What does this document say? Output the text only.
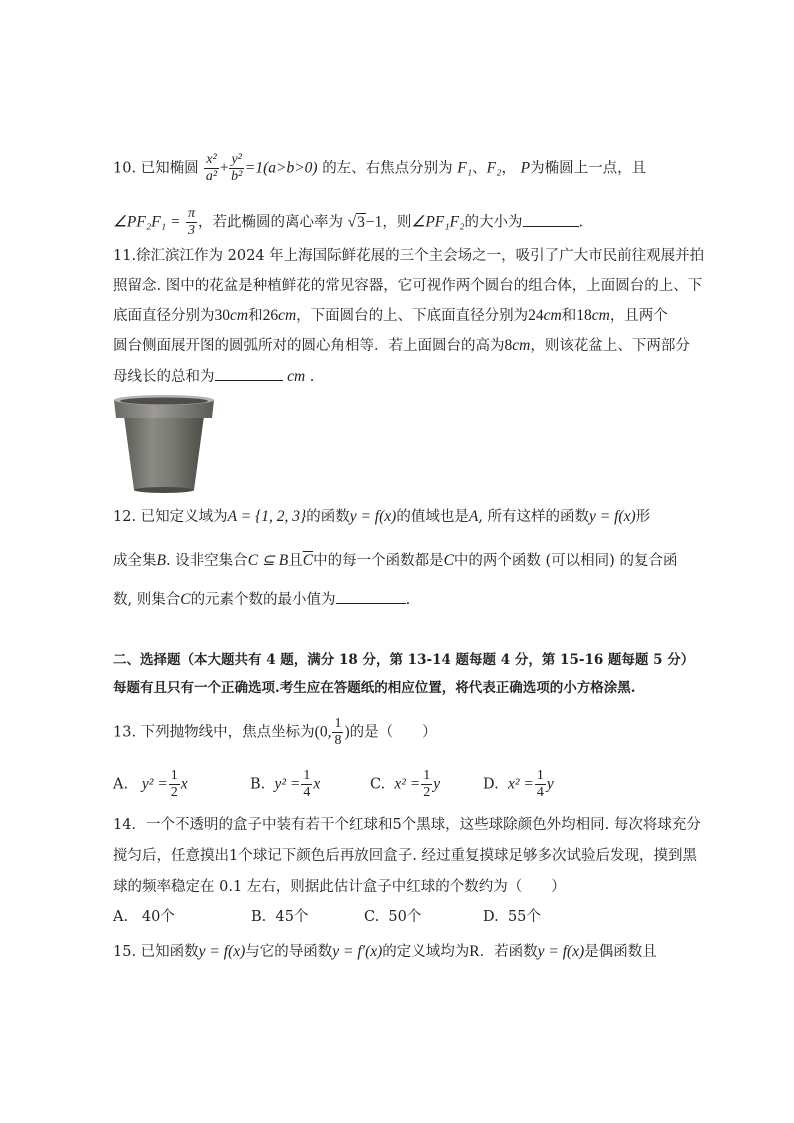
10. 已知椭圆 $\frac{\text{x²}}{\text{a²}} + \frac{\text{y²}}{\text{b²}} =1(a>b>0)$ 的左、右焦点分别为 F₁、F₂， P为椭圆上一点，且
∠PF₂F₁ = $\frac{\pi}{3}$ ，若此椭圆的离心率为 √3−1，则∠PF₁F₂的大小为	.
11.徐汇滨江作为 2024 年上海国际鲜花展的三个主会场之一，吸引了广大市民前往观展并拍
照留念. 图中的花盆是种植鲜花的常见容器，它可视作两个圆台的组合体，上面圆台的上、下
底面直径分别为30cm和26cm，下面圆台的上、下底面直径分别为24cm和18cm，且两个
圆台侧面展开图的圆弧所对的圆心角相等．若上面圆台的高为8cm，则该花盆上、下两部分
母线长的总和为	cm .
12. 已知定义域为A = {1, 2, 3}的函数y = f(x)的值域也是A, 所有这样的函数y = f(x)形
成全集B. 设非空集合C ⊆ B且$\overline{C}$中的每一个函数都是C中的两个函数 (可以相同) 的复合函
数, 则集合C的元素个数的最小值为	.
二、选择题（本大题共有 4 题，满分 18 分，第 13-14 题每题 4 分，第 15-16 题每题 5 分）
每题有且只有一个正确选项.考生应在答题纸的相应位置，将代表正确选项的小方格涂黑.
13. 下列抛物线中，焦点坐标为(0, $\frac{1}{8}$ )的是（　　）
A. $y^2 = \frac{1}{2}$ x	B. $y^2 = \frac{1}{4}$ x	C. $x^2 = \frac{1}{2}$ y	D. $x^2 = \frac{1}{4}$ y
14．一个不透明的盒子中装有若干个红球和5个黑球，这些球除颜色外均相同. 每次将球充分
搅匀后，任意摸出1个球记下颜色后再放回盒子. 经过重复摸球足够多次试验后发现，摸到黑
球的频率稳定在 0.1 左右，则据此估计盒子中红球的个数约为（　　）
A. 40个	B. 45个	C. 50个	D. 55个
15. 已知函数y = f(x)与它的导函数y = f′(x)的定义域均为R．若函数y = f(x)是偶函数且
